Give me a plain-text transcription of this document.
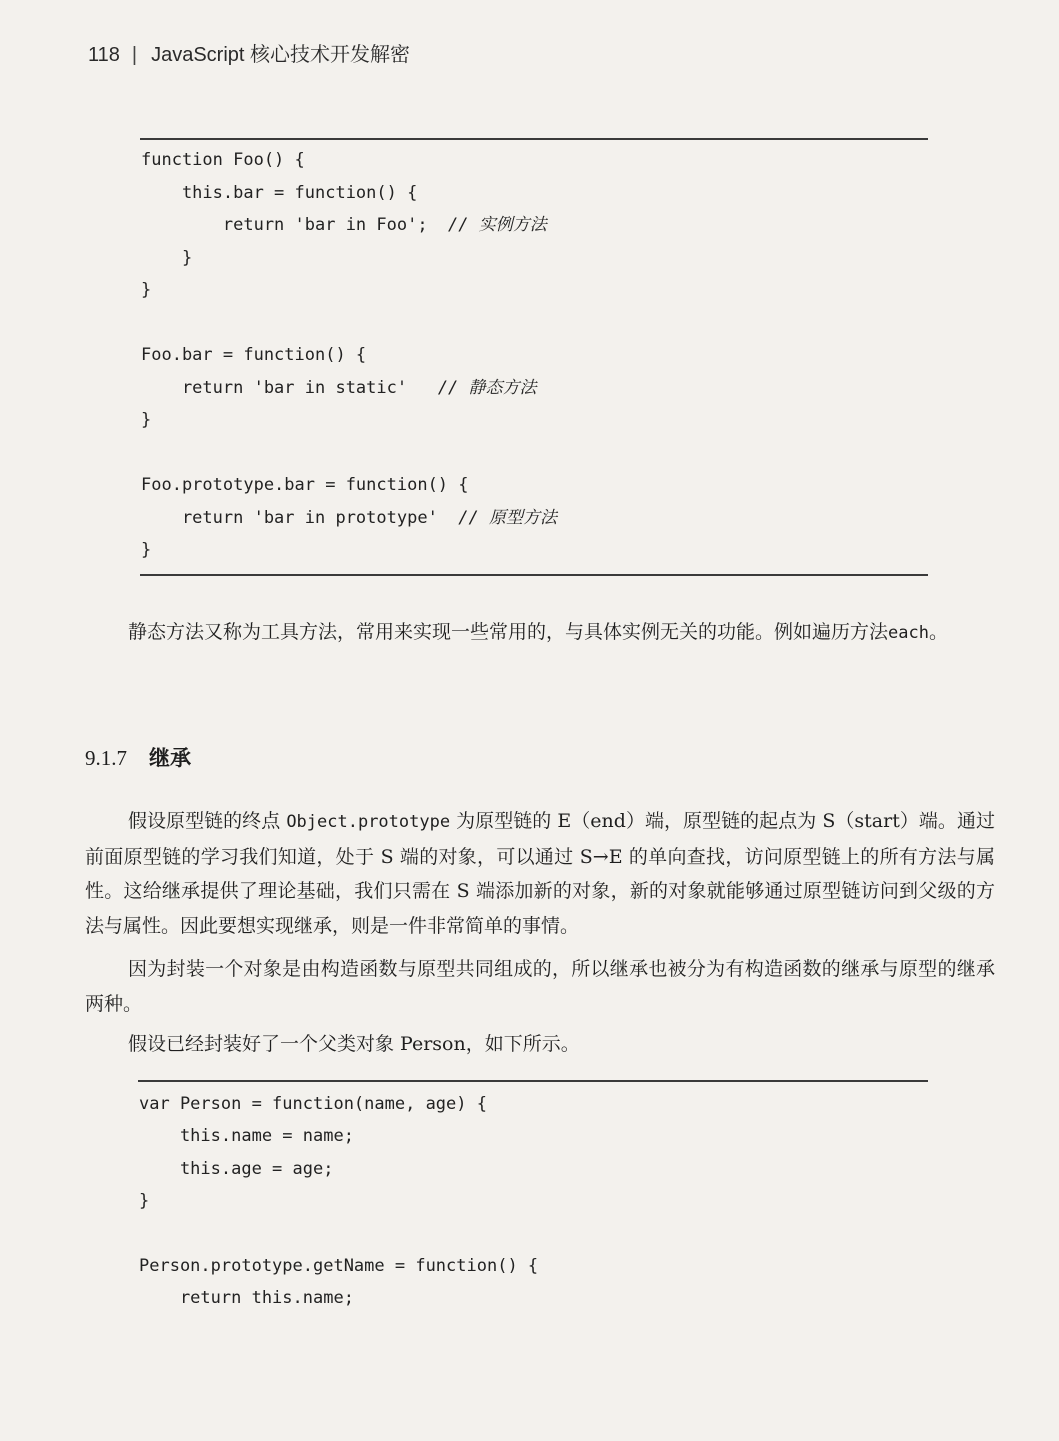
118 | JavaScript 核心技术开发解密
function Foo() {
this.bar = function() {
return 'bar in Foo';  // 实例方法
}
}
Foo.bar = function() {
return 'bar in static'   // 静态方法
}
Foo.prototype.bar = function() {
return 'bar in prototype'  // 原型方法
}

静态方法又称为工具方法，常用来实现一些常用的，与具体实例无关的功能。例如遍历方法each。

9.1.7 继承

假设原型链的终点 Object.prototype 为原型链的 E（end）端，原型链的起点为 S（start）端。通过前面原型链的学习我们知道，处于 S 端的对象，可以通过 S→E 的单向查找，访问原型链上的所有方法与属性。这给继承提供了理论基础，我们只需在 S 端添加新的对象，新的对象就能够通过原型链访问到父级的方法与属性。因此要想实现继承，则是一件非常简单的事情。

因为封装一个对象是由构造函数与原型共同组成的，所以继承也被分为有构造函数的继承与原型的继承两种。

假设已经封装好了一个父类对象 Person，如下所示。

var Person = function(name, age) {
this.name = name;
this.age = age;
}
Person.prototype.getName = function() {
return this.name;
